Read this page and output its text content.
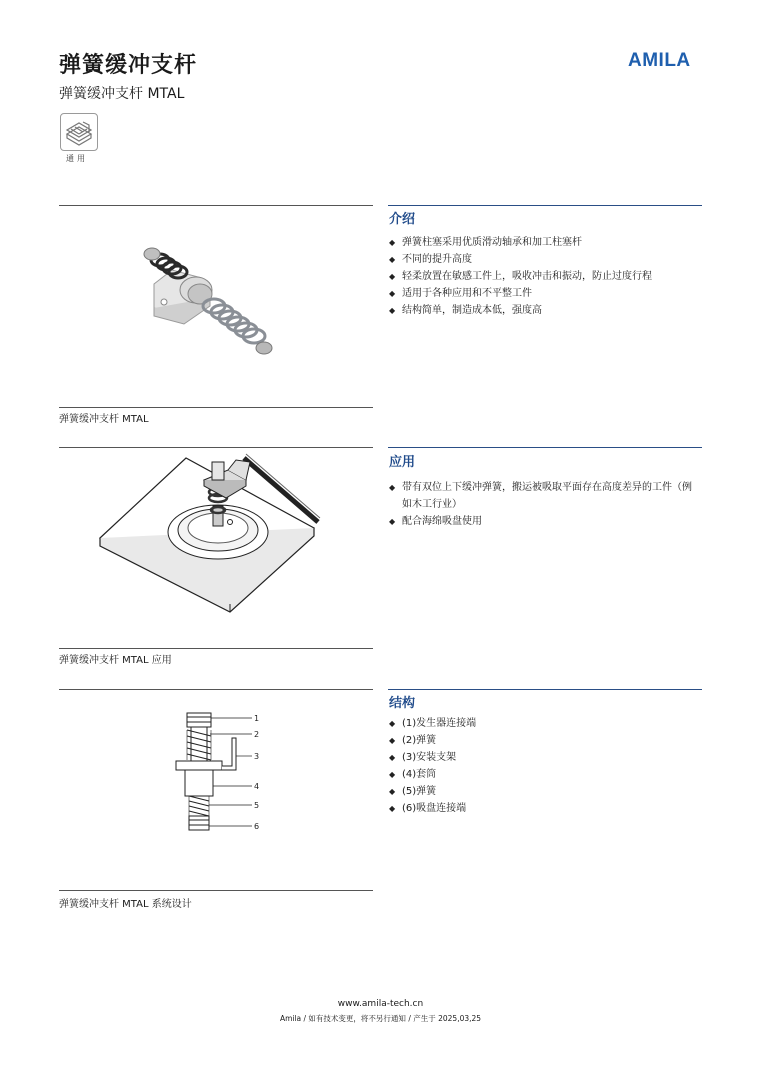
弹簧缓冲支杆
弹簧缓冲支杆 MTAL
AMILA
通用
介绍
◆ 弹簧柱塞采用优质滑动轴承和加工柱塞杆
◆ 不同的提升高度
◆ 轻柔放置在敏感工件上，吸收冲击和振动，防止过度行程
◆ 适用于各种应用和不平整工件
◆ 结构简单，制造成本低，强度高
弹簧缓冲支杆 MTAL
应用
◆ 带有双位上下缓冲弹簧，搬运被吸取平面存在高度差异的工件（例如木工行业）
◆ 配合海绵吸盘使用
弹簧缓冲支杆 MTAL 应用
结构
1
2
3
4
5
6
◆ (1)发生器连接端
◆ (2)弹簧
◆ (3)安装支架
◆ (4)套筒
◆ (5)弹簧
◆ (6)吸盘连接端
弹簧缓冲支杆 MTAL 系统设计
www.amila-tech.cn
Amila / 如有技术变更，将不另行通知 / 产生于 2025,03,25
